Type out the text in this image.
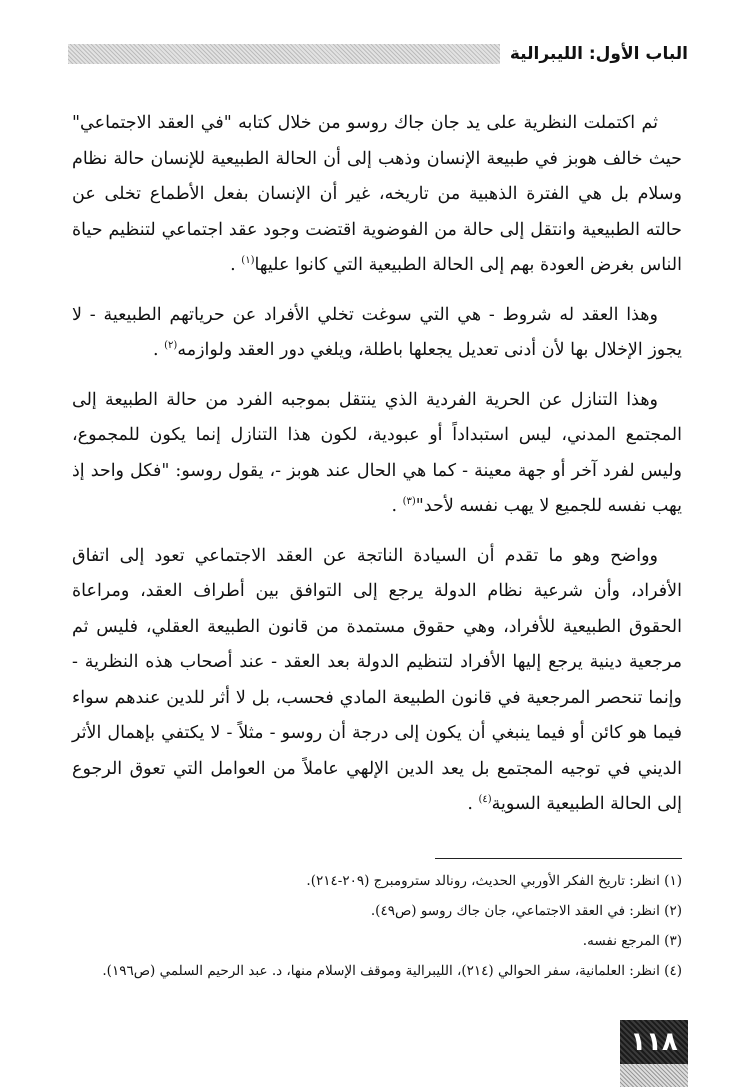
الباب الأول: الليبرالية

ثم اكتملت النظرية على يد جان جاك روسو من خلال كتابه "في العقد الاجتماعي" حيث خالف هوبز في طبيعة الإنسان وذهب إلى أن الحالة الطبيعية للإنسان حالة نظام وسلام بل هي الفترة الذهبية من تاريخه، غير أن الإنسان بفعل الأطماع تخلى عن حالته الطبيعية وانتقل إلى حالة من الفوضوية اقتضت وجود عقد اجتماعي لتنظيم حياة الناس بغرض العودة بهم إلى الحالة الطبيعية التي كانوا عليها$^{(١)}$ .

وهذا العقد له شروط - هي التي سوغت تخلي الأفراد عن حرياتهم الطبيعية - لا يجوز الإخلال بها لأن أدنى تعديل يجعلها باطلة، ويلغي دور العقد ولوازمه$^{(٢)}$ .

وهذا التنازل عن الحرية الفردية الذي ينتقل بموجبه الفرد من حالة الطبيعة إلى المجتمع المدني، ليس استبداداً أو عبودية، لكون هذا التنازل إنما يكون للمجموع، وليس لفرد آخر أو جهة معينة - كما هي الحال عند هوبز -، يقول روسو: "فكل واحد إذ يهب نفسه للجميع لا يهب نفسه لأحد"$^{(٣)}$ .

وواضح وهو ما تقدم أن السيادة الناتجة عن العقد الاجتماعي تعود إلى اتفاق الأفراد، وأن شرعية نظام الدولة يرجع إلى التوافق بين أطراف العقد، ومراعاة الحقوق الطبيعية للأفراد، وهي حقوق مستمدة من قانون الطبيعة العقلي، فليس ثم مرجعية دينية يرجع إليها الأفراد لتنظيم الدولة بعد العقد - عند أصحاب هذه النظرية - وإنما تنحصر المرجعية في قانون الطبيعة المادي فحسب، بل لا أثر للدين عندهم سواء فيما هو كائن أو فيما ينبغي أن يكون إلى درجة أن روسو - مثلاً - لا يكتفي بإهمال الأثر الديني في توجيه المجتمع بل يعد الدين الإلهي عاملاً من العوامل التي تعوق الرجوع إلى الحالة الطبيعية السوية$^{(٤)}$ .

(١) انظر: تاريخ الفكر الأوربي الحديث، رونالد سترومبرج (٢٠٩-٢١٤).

(٢) انظر: في العقد الاجتماعي، جان جاك روسو (ص٤٩).

(٣) المرجع نفسه.

(٤) انظر: العلمانية، سفر الحوالي (٢١٤)، الليبرالية وموقف الإسلام منها، د. عبد الرحيم السلمي (ص١٩٦).

١١٨
